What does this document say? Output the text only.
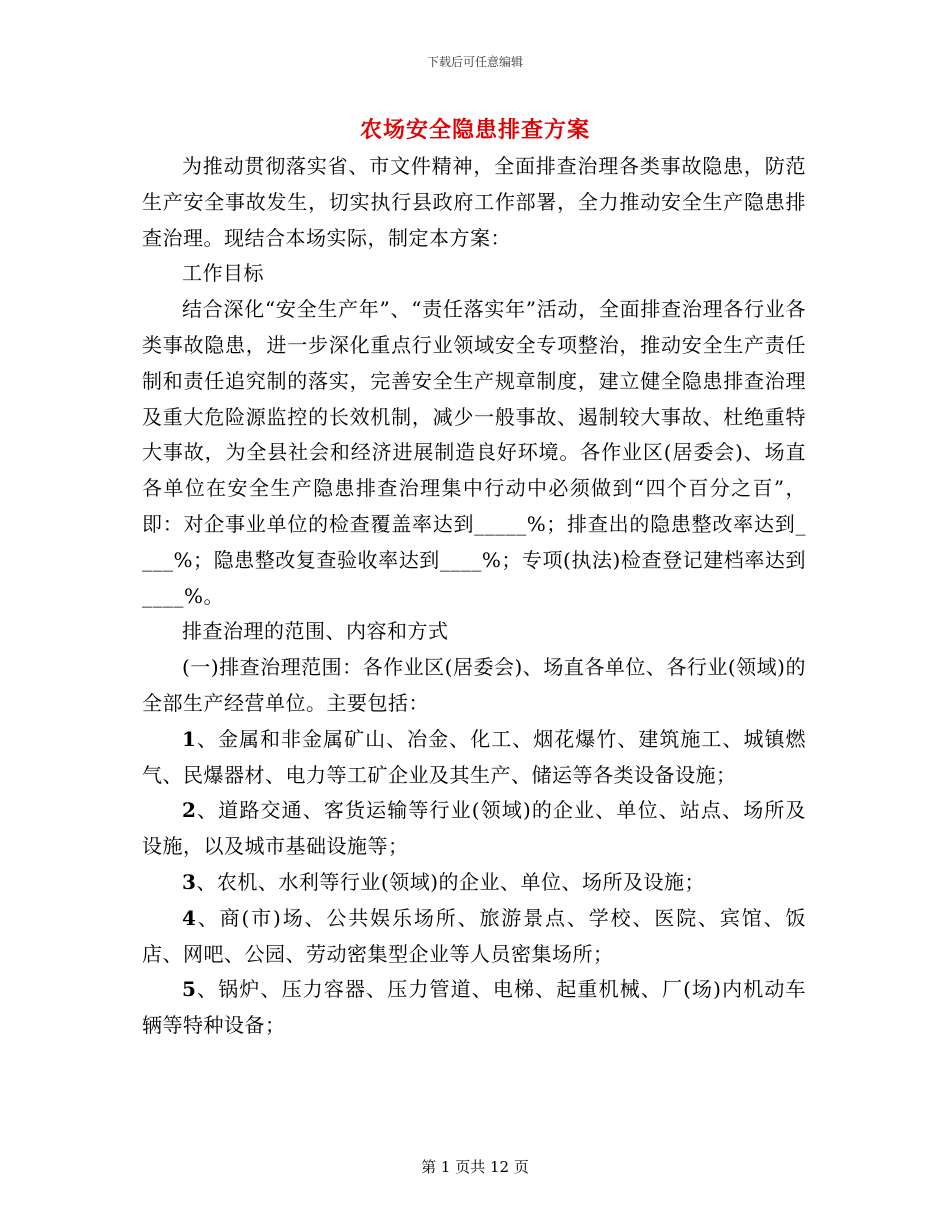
下载后可任意编辑
农场安全隐患排查方案

为推动贯彻落实省、市文件精神，全面排查治理各类事故隐患，防范生产安全事故发生，切实执行县政府工作部署，全力推动安全生产隐患排查治理。现结合本场实际，制定本方案：

工作目标

结合深化“安全生产年”、“责任落实年”活动，全面排查治理各行业各类事故隐患，进一步深化重点行业领域安全专项整治，推动安全生产责任制和责任追究制的落实，完善安全生产规章制度，建立健全隐患排查治理及重大危险源监控的长效机制，减少一般事故、遏制较大事故、杜绝重特大事故，为全县社会和经济进展制造良好环境。各作业区(居委会)、场直各单位在安全生产隐患排查治理集中行动中必须做到“四个百分之百”，即：对企事业单位的检查覆盖率达到_____%；排查出的隐患整改率达到____%；隐患整改复查验收率达到____%；专项(执法)检查登记建档率达到____%。

排查治理的范围、内容和方式

(一)排查治理范围：各作业区(居委会)、场直各单位、各行业(领域)的全部生产经营单位。主要包括：

1、金属和非金属矿山、冶金、化工、烟花爆竹、建筑施工、城镇燃气、民爆器材、电力等工矿企业及其生产、储运等各类设备设施；

2、道路交通、客货运输等行业(领域)的企业、单位、站点、场所及设施，以及城市基础设施等；

3、农机、水利等行业(领域)的企业、单位、场所及设施；

4、商(市)场、公共娱乐场所、旅游景点、学校、医院、宾馆、饭店、网吧、公园、劳动密集型企业等人员密集场所；

5、锅炉、压力容器、压力管道、电梯、起重机械、厂(场)内机动车辆等特种设备；

第 1 页共 12 页
